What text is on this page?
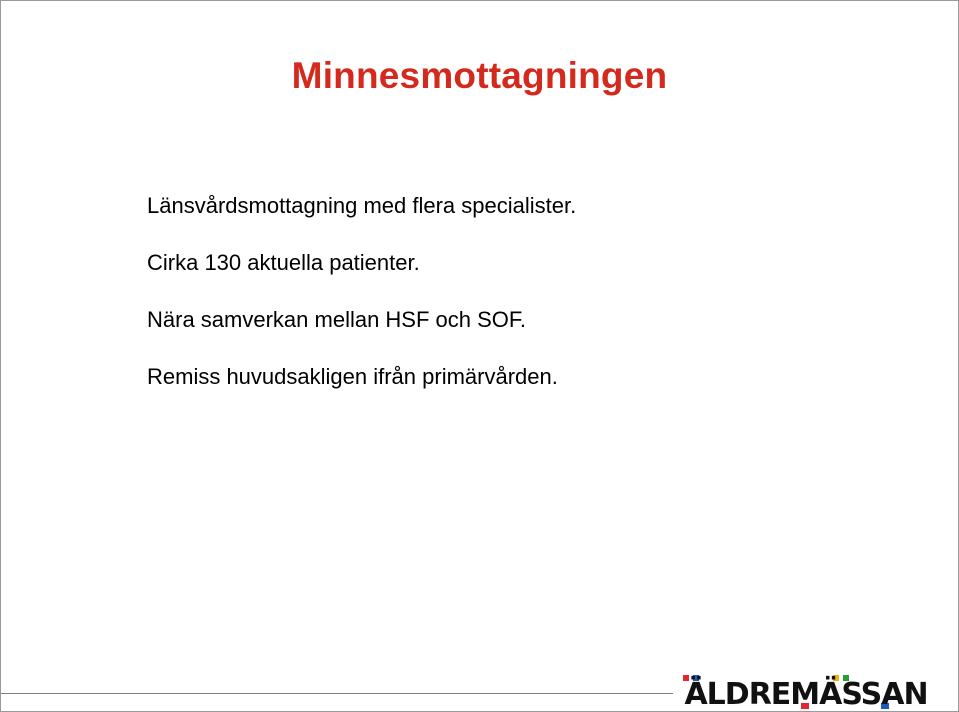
Minnesmottagningen
Länsvårdsmottagning med flera specialister.
Cirka 130 aktuella patienter.
Nära samverkan mellan HSF och SOF.
Remiss huvudsakligen ifrån primärvården.
ÄLDREMÄSSAN
